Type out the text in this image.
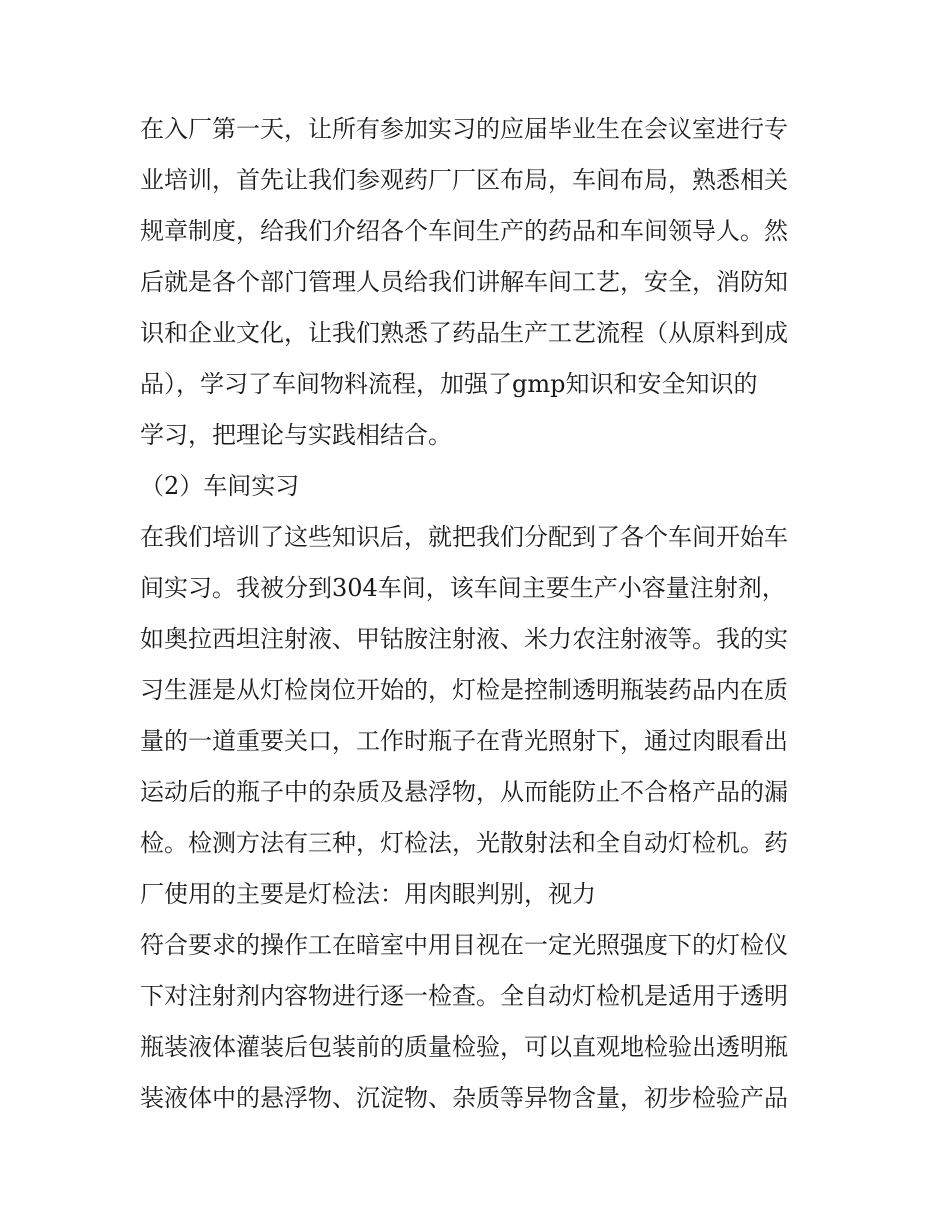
在入厂第一天，让所有参加实习的应届毕业生在会议室进行专
业培训，首先让我们参观药厂厂区布局，车间布局，熟悉相关
规章制度，给我们介绍各个车间生产的药品和车间领导人。然
后就是各个部门管理人员给我们讲解车间工艺，安全，消防知
识和企业文化，让我们熟悉了药品生产工艺流程（从原料到成
品），学习了车间物料流程，加强了gmp知识和安全知识的
学习，把理论与实践相结合。
（2）车间实习
在我们培训了这些知识后，就把我们分配到了各个车间开始车
间实习。我被分到304车间，该车间主要生产小容量注射剂，
如奥拉西坦注射液、甲钴胺注射液、米力农注射液等。我的实
习生涯是从灯检岗位开始的，灯检是控制透明瓶装药品内在质
量的一道重要关口，工作时瓶子在背光照射下，通过肉眼看出
运动后的瓶子中的杂质及悬浮物，从而能防止不合格产品的漏
检。检测方法有三种，灯检法，光散射法和全自动灯检机。药
厂使用的主要是灯检法：用肉眼判别，视力
符合要求的操作工在暗室中用目视在一定光照强度下的灯检仪
下对注射剂内容物进行逐一检查。全自动灯检机是适用于透明
瓶装液体灌装后包装前的质量检验，可以直观地检验出透明瓶
装液体中的悬浮物、沉淀物、杂质等异物含量，初步检验产品
